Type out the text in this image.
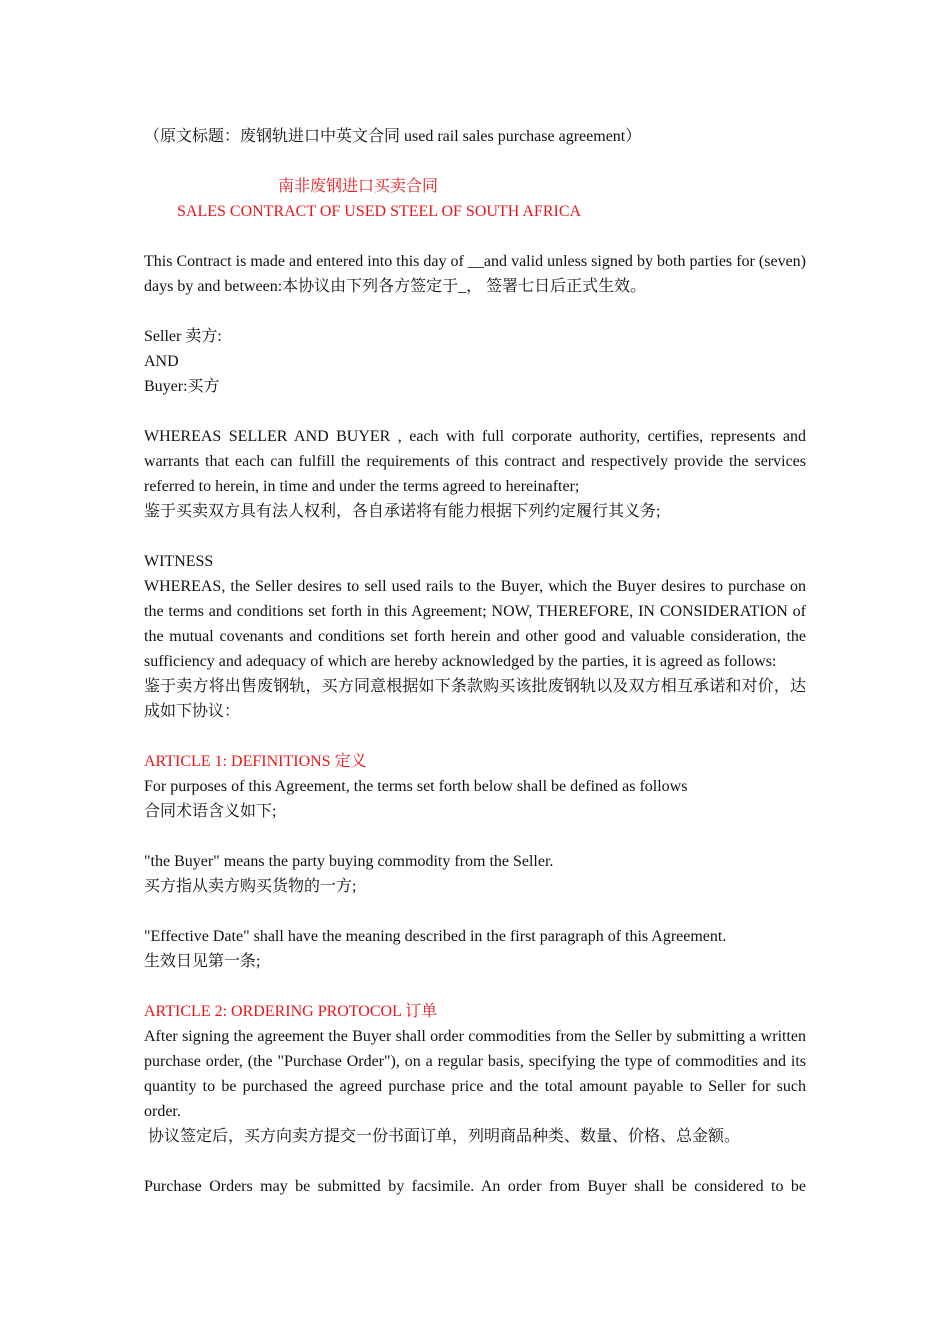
（原文标题：废钢轨进口中英文合同 used rail sales purchase agreement）
南非废钢进口买卖合同
SALES CONTRACT OF USED STEEL OF SOUTH AFRICA

This Contract is made and entered into this day of __and valid unless signed by both parties for (seven) days by and between:本协议由下列各方签定于_， 签署七日后正式生效。

Seller 卖方:
AND
Buyer:买方

WHEREAS SELLER AND BUYER , each with full corporate authority, certifies, represents and warrants that each can fulfill the requirements of this contract and respectively provide the services referred to herein, in time and under the terms agreed to hereinafter;

鉴于买卖双方具有法人权利，各自承诺将有能力根据下列约定履行其义务;

WITNESS

WHEREAS, the Seller desires to sell used rails to the Buyer, which the Buyer desires to purchase on the terms and conditions set forth in this Agreement; NOW, THEREFORE, IN CONSIDERATION of the mutual covenants and conditions set forth herein and other good and valuable consideration, the sufficiency and adequacy of which are hereby acknowledged by the parties, it is agreed as follows:

鉴于卖方将出售废钢轨，买方同意根据如下条款购买该批废钢轨以及双方相互承诺和对价，达成如下协议：

ARTICLE 1: DEFINITIONS 定义
For purposes of this Agreement, the terms set forth below shall be defined as follows
合同术语含义如下;
"the Buyer" means the party buying commodity from the Seller.
买方指从卖方购买货物的一方;
"Effective Date" shall have the meaning described in the first paragraph of this Agreement.
生效日见第一条;
ARTICLE 2: ORDERING PROTOCOL 订单

After signing the agreement the Buyer shall order commodities from the Seller by submitting a written purchase order, (the "Purchase Order"), on a regular basis, specifying the type of commodities and its quantity to be purchased the agreed purchase price and the total amount payable to Seller for such order.

协议签定后，买方向卖方提交一份书面订单，列明商品种类、数量、价格、总金额。

Purchase Orders may be submitted by facsimile. An order from Buyer shall be considered to be
